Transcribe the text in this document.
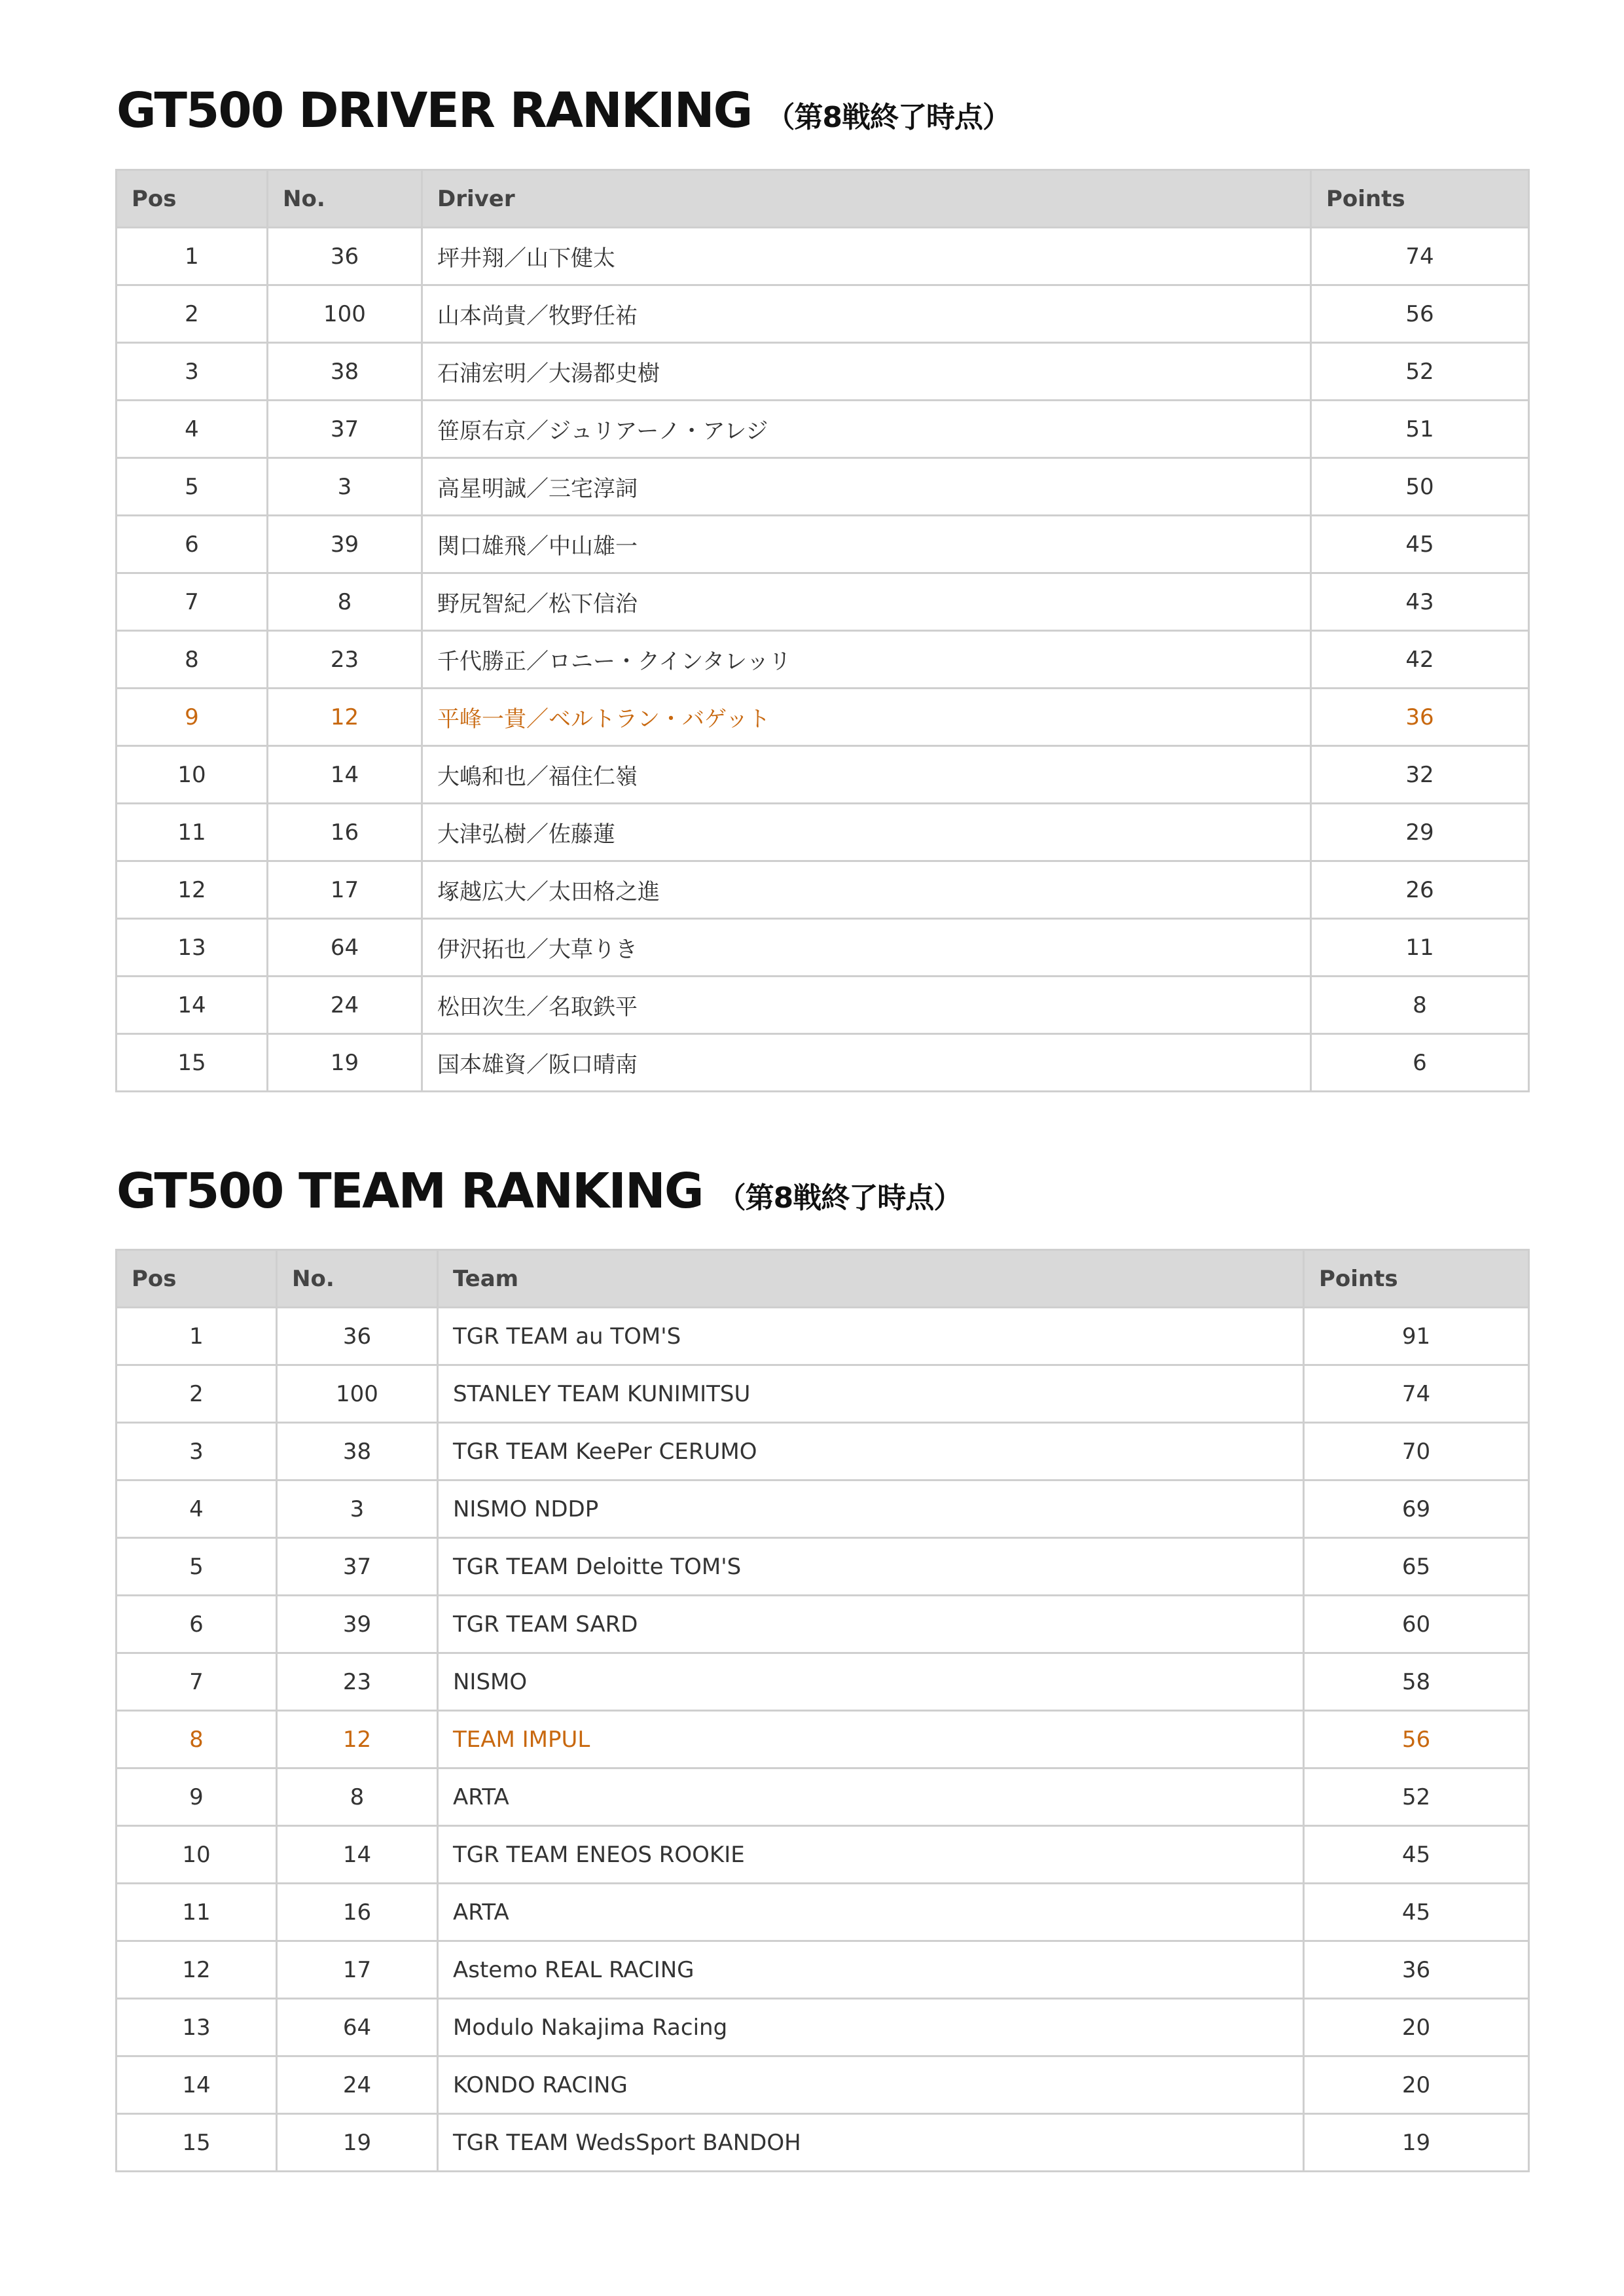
GT500 DRIVER RANKING （第8戦終了時点）
Pos	No.	Driver	Points
1	36	坪井翔／山下健太	74
2	100	山本尚貴／牧野任祐	56
3	38	石浦宏明／大湯都史樹	52
4	37	笹原右京／ジュリアーノ・アレジ	51
5	3	高星明誠／三宅淳詞	50
6	39	関口雄飛／中山雄一	45
7	8	野尻智紀／松下信治	43
8	23	千代勝正／ロニー・クインタレッリ	42
9	12	平峰一貴／ベルトラン・バゲット	36
10	14	大嶋和也／福住仁嶺	32
11	16	大津弘樹／佐藤蓮	29
12	17	塚越広大／太田格之進	26
13	64	伊沢拓也／大草りき	11
14	24	松田次生／名取鉄平	8
15	19	国本雄資／阪口晴南	6
GT500 TEAM RANKING （第8戦終了時点）
Pos	No.	Team	Points
1	36	TGR TEAM au TOM'S	91
2	100	STANLEY TEAM KUNIMITSU	74
3	38	TGR TEAM KeePer CERUMO	70
4	3	NISMO NDDP	69
5	37	TGR TEAM Deloitte TOM'S	65
6	39	TGR TEAM SARD	60
7	23	NISMO	58
8	12	TEAM IMPUL	56
9	8	ARTA	52
10	14	TGR TEAM ENEOS ROOKIE	45
11	16	ARTA	45
12	17	Astemo REAL RACING	36
13	64	Modulo Nakajima Racing	20
14	24	KONDO RACING	20
15	19	TGR TEAM WedsSport BANDOH	19
